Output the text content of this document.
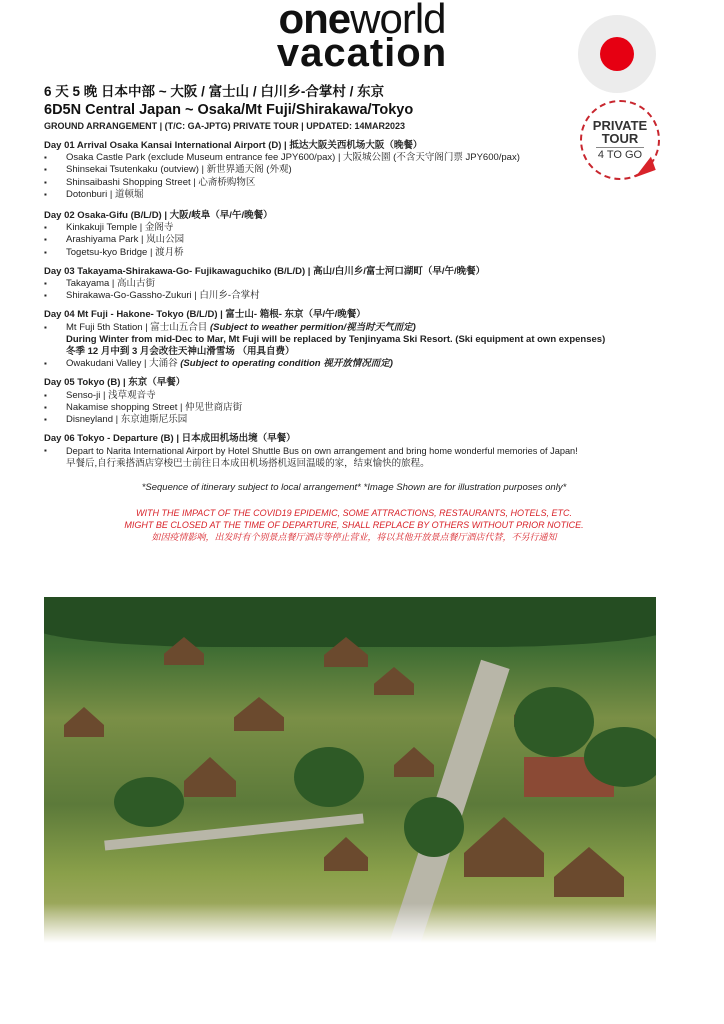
oneworld
vacation
PRIVATE
TOUR
4 TO GO
6 天 5 晚 日本中部 ~ 大阪 / 富士山 / 白川乡-合掌村 / 东京
6D5N Central Japan ~ Osaka/Mt Fuji/Shirakawa/Tokyo
GROUND ARRANGEMENT | (T/C: GA-JPTG) PRIVATE TOUR | UPDATED: 14MAR2023
Day 01 Arrival Osaka Kansai International Airport (D) | 抵达大阪关西机场大阪（晚餐）
▪ Osaka Castle Park (exclude Museum entrance fee JPY600/pax) | 大阪城公園 (不含天守阁门票 JPY600/pax)
▪ Shinsekai Tsutenkaku (outview) | 新世界通天阁 (外观)
▪ Shinsaibashi Shopping Street | 心斋桥购物区
▪ Dotonburi | 道顿堀
Day 02 Osaka-Gifu (B/L/D) | 大阪/岐阜（早/午/晚餐）
▪ Kinkakuji Temple | 金阁寺
▪ Arashiyama Park | 岚山公园
▪ Togetsu-kyo Bridge | 渡月桥
Day 03 Takayama-Shirakawa-Go- Fujikawaguchiko (B/L/D) | 高山/白川乡/富士河口湖町（早/午/晚餐）
▪ Takayama | 高山古街
▪ Shirakawa-Go-Gassho-Zukuri | 白川乡-合掌村
Day 04 Mt Fuji - Hakone- Tokyo (B/L/D) | 富士山- 箱根- 东京（早/午/晚餐）
▪ Mt Fuji 5th Station | 富士山五合目 (Subject to weather permition/视当时天气而定)
During Winter from mid-Dec to Mar, Mt Fuji will be replaced by Tenjinyama Ski Resort. (Ski equipment at own expenses)
冬季 12 月中到 3 月会改往天神山滑雪场 （用具自费）
▪ Owakudani Valley | 大涌谷 (Subject to operating condition 视开放情况而定)
Day 05 Tokyo (B) | 东京（早餐）
▪ Senso-ji | 浅草观音寺
▪ Nakamise shopping Street | 仲见世商店街
▪ Disneyland | 东京迪斯尼乐园
Day 06 Tokyo - Departure (B) | 日本成田机场出境（早餐）
▪ Depart to Narita International Airport by Hotel Shuttle Bus on own arrangement and bring home wonderful memories of Japan!
早餐后,自行乘搭酒店穿梭巴士前往日本成田机场搭机返回温暖的家，结束愉快的旅程。
*Sequence of itinerary subject to local arrangement* *Image Shown are for illustration purposes only*
WITH THE IMPACT OF THE COVID19 EPIDEMIC, SOME ATTRACTIONS, RESTAURANTS, HOTELS, ETC.
MIGHT BE CLOSED AT THE TIME OF DEPARTURE, SHALL REPLACE BY OTHERS WITHOUT PRIOR NOTICE.
如因疫情影响，出发时有个别景点餐厅酒店等停止营业，将以其他开放景点餐厅酒店代替，不另行通知
